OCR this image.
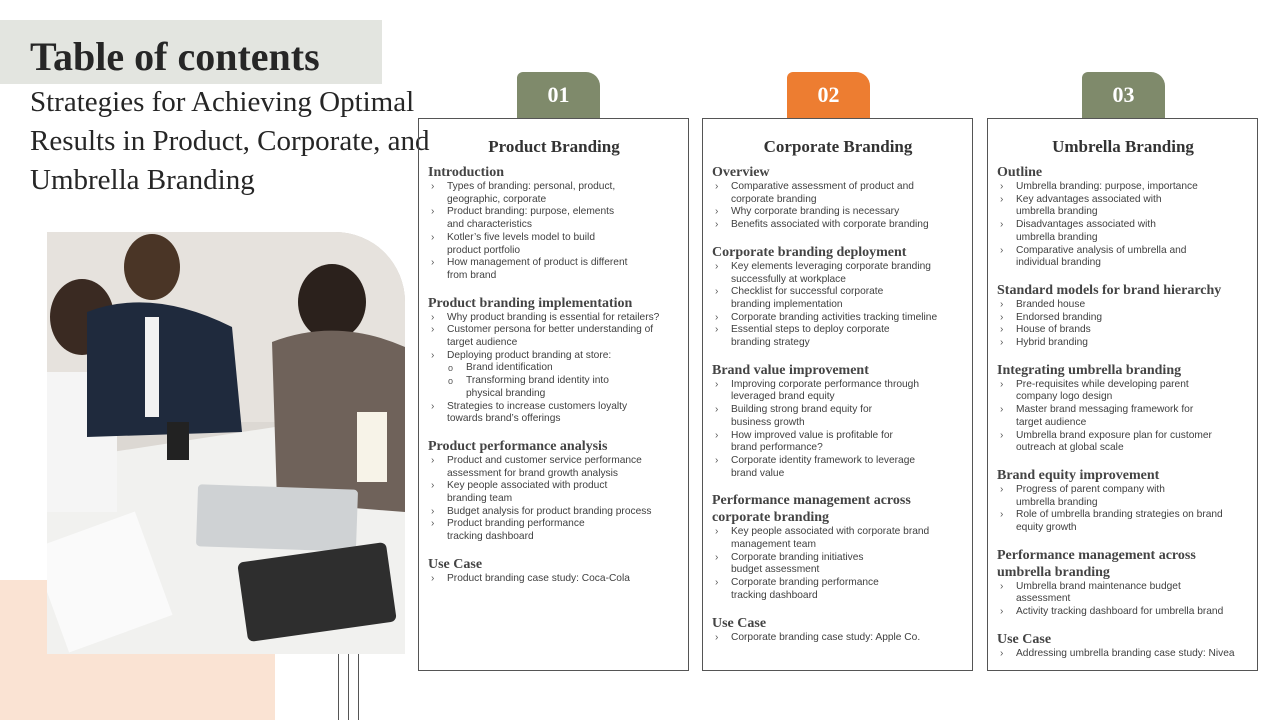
Table of contents
Strategies for Achieving Optimal Results in Product, Corporate, and Umbrella Branding
01
Product Branding
Introduction
› Types of branding: personal, product,
geographic, corporate
› Product branding: purpose, elements
and characteristics
› Kotler’s five levels model to build
product portfolio
› How management of product is different
from brand
Product branding implementation
› Why product branding is essential for retailers?
› Customer persona for better understanding of
target audience
› Deploying product branding at store:
o Brand identification
o Transforming brand identity into
physical branding
› Strategies to increase customers loyalty
towards brand’s offerings
Product performance analysis
› Product and customer service performance
assessment for brand growth analysis
› Key people associated with product
branding team
› Budget analysis for product branding process
› Product branding performance
tracking dashboard
Use Case
› Product branding case study: Coca-Cola
02
Corporate Branding
Overview
› Comparative assessment of product and
corporate branding
› Why corporate branding is necessary
› Benefits associated with corporate branding
Corporate branding deployment
› Key elements leveraging corporate branding
successfully at workplace
› Checklist for successful corporate
branding implementation
› Corporate branding activities tracking timeline
› Essential steps to deploy corporate
branding strategy
Brand value improvement
› Improving corporate performance through
leveraged brand equity
› Building strong brand equity for
business growth
› How improved value is profitable for
brand performance?
› Corporate identity framework to leverage
brand value
Performance management across
corporate branding
› Key people associated with corporate brand
management team
› Corporate branding initiatives
budget assessment
› Corporate branding performance
tracking dashboard
Use Case
› Corporate branding case study: Apple Co.
03
Umbrella Branding
Outline
› Umbrella branding: purpose, importance
› Key advantages associated with
umbrella branding
› Disadvantages associated with
umbrella branding
› Comparative analysis of umbrella and
individual branding
Standard models for brand hierarchy
› Branded house
› Endorsed branding
› House of brands
› Hybrid branding
Integrating umbrella branding
› Pre-requisites while developing parent
company logo design
› Master brand messaging framework for
target audience
› Umbrella brand exposure plan for customer
outreach at global scale
Brand equity improvement
› Progress of parent company with
umbrella branding
› Role of umbrella branding strategies on brand
equity growth
Performance management across
umbrella branding
› Umbrella brand maintenance budget
assessment
› Activity tracking dashboard for umbrella brand
Use Case
› Addressing umbrella branding case study: Nivea
